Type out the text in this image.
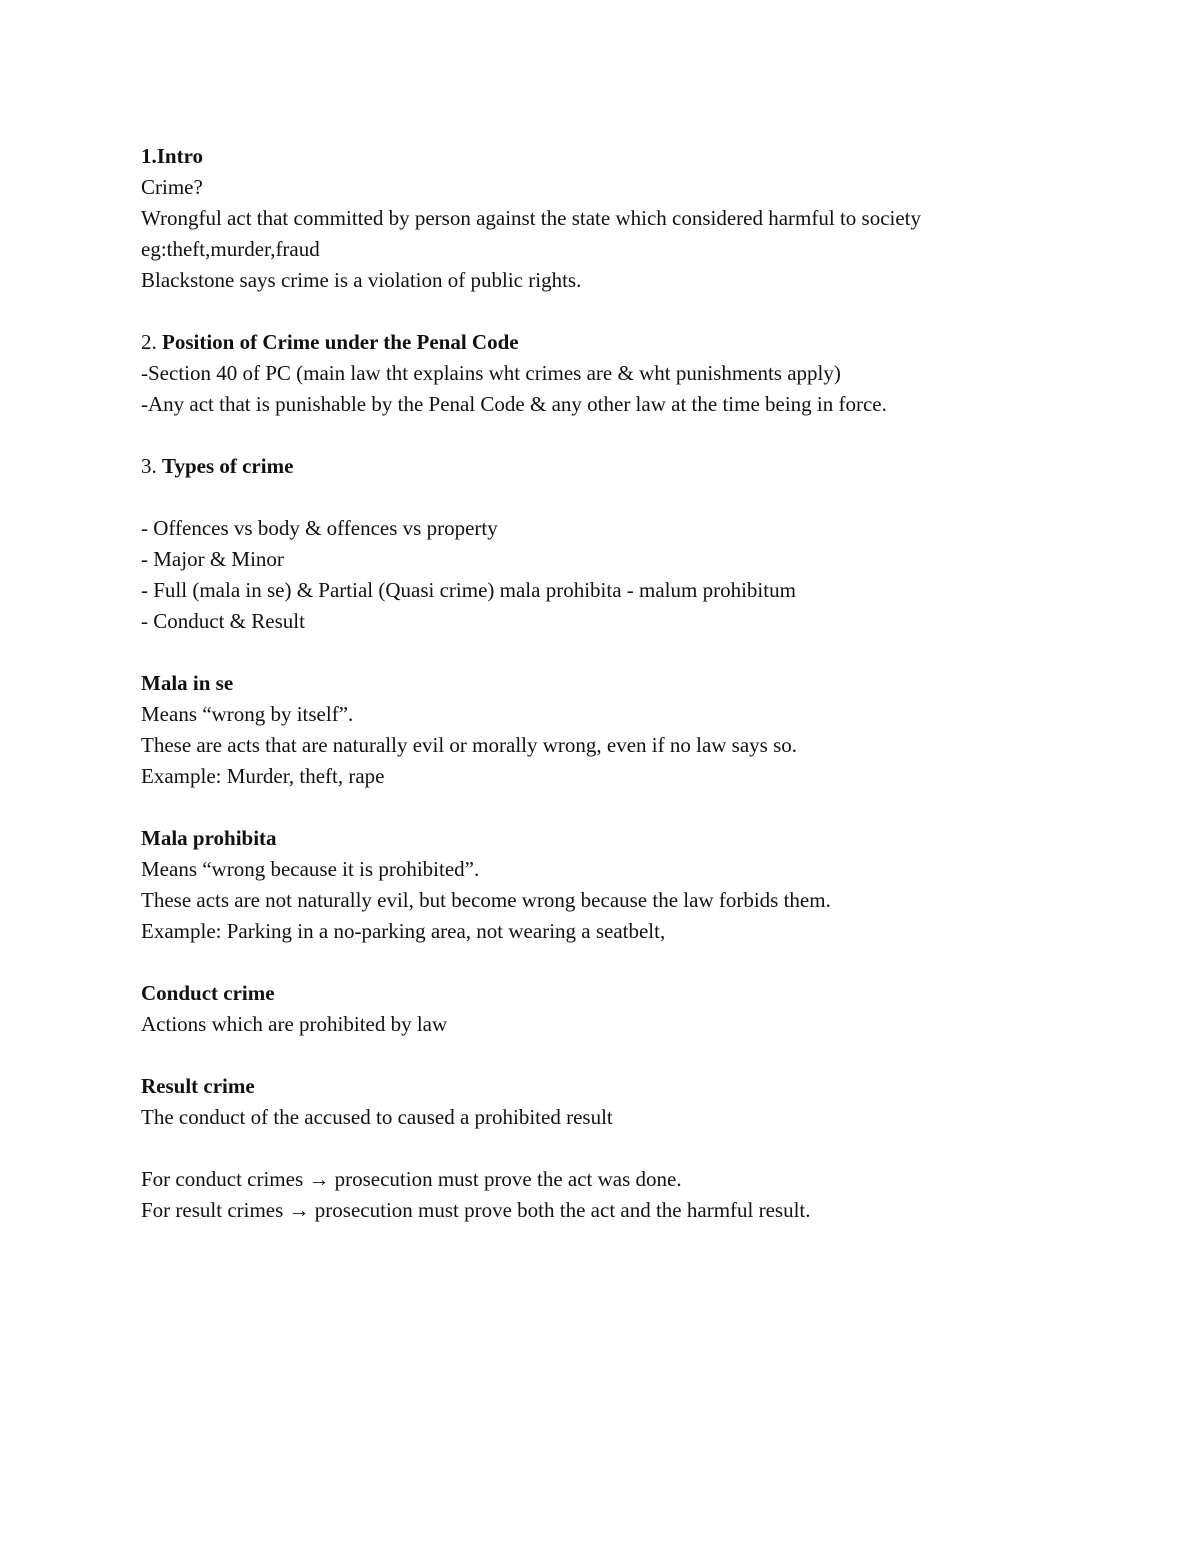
1.Intro
Crime?
Wrongful act that committed by person against the state which considered harmful to society
eg:theft,murder,fraud
Blackstone says crime is a violation of public rights.
2. Position of Crime under the Penal Code
-Section 40 of PC (main law tht explains wht crimes are & wht punishments apply)
-Any act that is punishable by the Penal Code & any other law at the time being in force.
3. Types of crime
- Offences vs body & offences vs property
- Major & Minor
- Full (mala in se) & Partial (Quasi crime) mala prohibita - malum prohibitum
- Conduct & Result
Mala in se
Means “wrong by itself”.
These are acts that are naturally evil or morally wrong, even if no law says so.
Example: Murder, theft, rape
Mala prohibita
Means “wrong because it is prohibited”.
These acts are not naturally evil, but become wrong because the law forbids them.
Example: Parking in a no-parking area, not wearing a seatbelt,
Conduct crime
Actions which are prohibited by law
Result crime
The conduct of the accused to caused a prohibited result
For conduct crimes → prosecution must prove the act was done.
For result crimes → prosecution must prove both the act and the harmful result.
